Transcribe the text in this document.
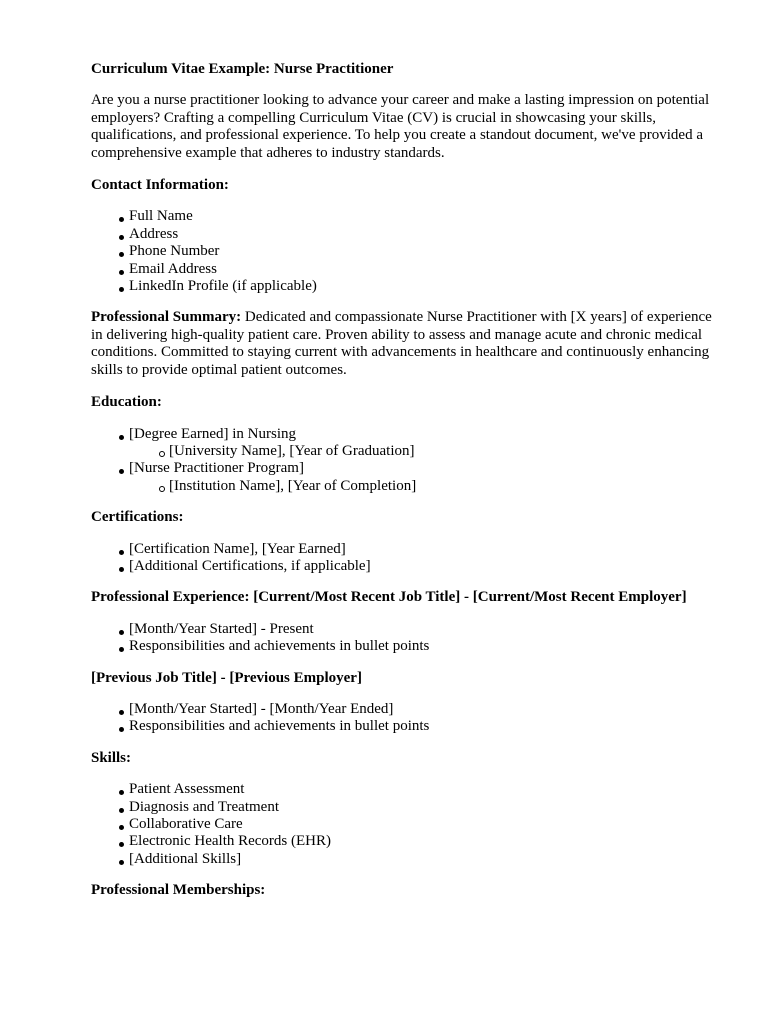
Curriculum Vitae Example: Nurse Practitioner

Are you a nurse practitioner looking to advance your career and make a lasting impression on potential employers? Crafting a compelling Curriculum Vitae (CV) is crucial in showcasing your skills, qualifications, and professional experience. To help you create a standout document, we've provided a comprehensive example that adheres to industry standards.

Contact Information:

Full Name
Address
Phone Number
Email Address
LinkedIn Profile (if applicable)

Professional Summary: Dedicated and compassionate Nurse Practitioner with [X years] of experience in delivering high-quality patient care. Proven ability to assess and manage acute and chronic medical conditions. Committed to staying current with advancements in healthcare and continuously enhancing skills to provide optimal patient outcomes.

Education:

[Degree Earned] in Nursing
[University Name], [Year of Graduation]
[Nurse Practitioner Program]
[Institution Name], [Year of Completion]

Certifications:

[Certification Name], [Year Earned]
[Additional Certifications, if applicable]

Professional Experience: [Current/Most Recent Job Title] - [Current/Most Recent Employer]

[Month/Year Started] - Present
Responsibilities and achievements in bullet points

[Previous Job Title] - [Previous Employer]

[Month/Year Started] - [Month/Year Ended]
Responsibilities and achievements in bullet points

Skills:

Patient Assessment
Diagnosis and Treatment
Collaborative Care
Electronic Health Records (EHR)
[Additional Skills]

Professional Memberships:
